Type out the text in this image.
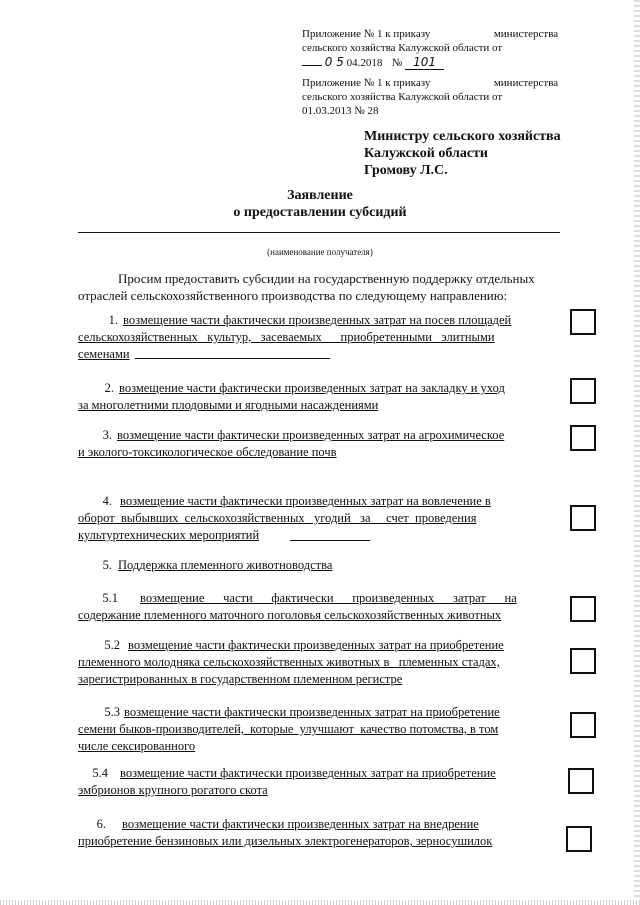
Приложение № 1 к приказу	министерства
сельского хозяйства Калужской области от
0 5 04.2018 № 101
Приложение № 1 к приказу	министерства
сельского хозяйства Калужской области от
01.03.2013 № 28
Министру сельского хозяйства
Калужской области
Громову Л.С.
Заявление
о предоставлении субсидий
(наименование получателя)
Просим предоставить субсидии на государственную поддержку отдельных
отраслей сельскохозяйственного производства по следующему направлению:
1. возмещение части фактически произведенных затрат на посев площадей
сельскохозяйственных   культур,   засеваемых      приобретенными   элитными
семенами
2. возмещение части фактически произведенных затрат на закладку и уход
за многолетними плодовыми и ягодными насаждениями
3. возмещение части фактически произведенных затрат на агрохимическое
и эколого-токсикологическое обследование почв
4. возмещение части фактически произведенных затрат на вовлечение в
оборот  выбывших  сельскохозяйственных   угодий   за     счет  проведения
культуртехнических мероприятий
5. Поддержка племенного животноводства
5.1 возмещение      части      фактически      произведенных      затрат      на
содержание племенного маточного поголовья сельскохозяйственных животных
5.2 возмещение части фактически произведенных затрат на приобретение
племенного молодняка сельскохозяйственных животных в   племенных стадах,
зарегистрированных в государственном племенном регистре
5.3 возмещение части фактически произведенных затрат на приобретение
семени быков-производителей,  которые  улучшают  качество потомства, в том
числе сексированного
5.4 возмещение части фактически произведенных затрат на приобретение
эмбрионов крупного рогатого скота
6. возмещение части фактически произведенных затрат на внедрение
приобретение бензиновых или дизельных электрогенераторов, зерносушилок
